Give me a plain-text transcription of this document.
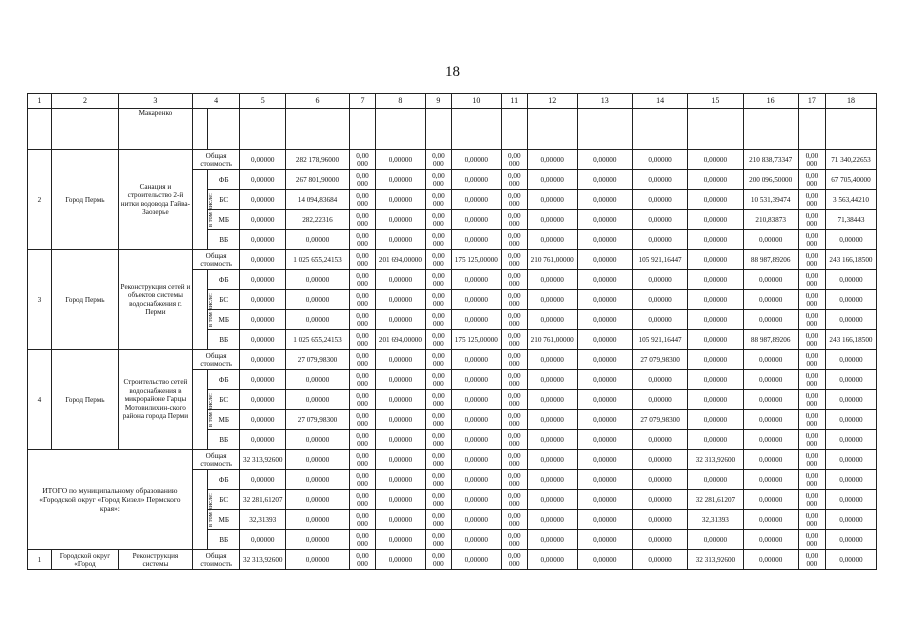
18
1	2	3	4		5	6	7	8	9	10	11	12	13	14	15	16	17	18
		Макаренко																
2	Город Пермь	Санация и строительство 2-й нитки водовода Гайва-Заозерье	Общая стоимость		0,00000	282 178,96000	0,00 000	0,00000	0,00 000	0,00000	0,00 000	0,00000	0,00000	0,00000	0,00000	210 838,73347	0,00 000	71 340,22653
			в том числе:	ФБ	0,00000	267 801,90000	0,00 000	0,00000	0,00 000	0,00000	0,00 000	0,00000	0,00000	0,00000	0,00000	200 096,50000	0,00 000	67 705,40000
				БС	0,00000	14 094,83684	0,00 000	0,00000	0,00 000	0,00000	0,00 000	0,00000	0,00000	0,00000	0,00000	10 531,39474	0,00 000	3 563,44210
				МБ	0,00000	282,22316	0,00 000	0,00000	0,00 000	0,00000	0,00 000	0,00000	0,00000	0,00000	0,00000	210,83873	0,00 000	71,38443
				ВБ	0,00000	0,00000	0,00 000	0,00000	0,00 000	0,00000	0,00 000	0,00000	0,00000	0,00000	0,00000	0,00000	0,00 000	0,00000
3	Город Пермь	Реконструкция сетей и объектов системы водоснабжения г. Перми	Общая стоимость		0,00000	1 025 655,24153	0,00 000	201 694,00000	0,00 000	175 125,00000	0,00 000	210 761,00000	0,00000	105 921,16447	0,00000	88 987,89206	0,00 000	243 166,18500
			в том числе:	ФБ	0,00000	0,00000	0,00 000	0,00000	0,00 000	0,00000	0,00 000	0,00000	0,00000	0,00000	0,00000	0,00000	0,00 000	0,00000
				БС	0,00000	0,00000	0,00 000	0,00000	0,00 000	0,00000	0,00 000	0,00000	0,00000	0,00000	0,00000	0,00000	0,00 000	0,00000
				МБ	0,00000	0,00000	0,00 000	0,00000	0,00 000	0,00000	0,00 000	0,00000	0,00000	0,00000	0,00000	0,00000	0,00 000	0,00000
				ВБ	0,00000	1 025 655,24153	0,00 000	201 694,00000	0,00 000	175 125,00000	0,00 000	210 761,00000	0,00000	105 921,16447	0,00000	88 987,89206	0,00 000	243 166,18500
4	Город Пермь	Строительство сетей водоснабжения в микрорайоне Гарцы Мотовилихин-ского района города Перми	Общая стоимость		0,00000	27 079,98300	0,00 000	0,00000	0,00 000	0,00000	0,00 000	0,00000	0,00000	27 079,98300	0,00000	0,00000	0,00 000	0,00000
			в том числе:	ФБ	0,00000	0,00000	0,00 000	0,00000	0,00 000	0,00000	0,00 000	0,00000	0,00000	0,00000	0,00000	0,00000	0,00 000	0,00000
				БС	0,00000	0,00000	0,00 000	0,00000	0,00 000	0,00000	0,00 000	0,00000	0,00000	0,00000	0,00000	0,00000	0,00 000	0,00000
				МБ	0,00000	27 079,98300	0,00 000	0,00000	0,00 000	0,00000	0,00 000	0,00000	0,00000	27 079,98300	0,00000	0,00000	0,00 000	0,00000
				ВБ	0,00000	0,00000	0,00 000	0,00000	0,00 000	0,00000	0,00 000	0,00000	0,00000	0,00000	0,00000	0,00000	0,00 000	0,00000
ИТОГО по муниципальному образованию «Городской округ «Город Кизел» Пермского края»:			Общая стоимость		32 313,92600	0,00000	0,00 000	0,00000	0,00 000	0,00000	0,00 000	0,00000	0,00000	0,00000	32 313,92600	0,00000	0,00 000	0,00000
			в том числе:	ФБ	0,00000	0,00000	0,00 000	0,00000	0,00 000	0,00000	0,00 000	0,00000	0,00000	0,00000	0,00000	0,00000	0,00 000	0,00000
				БС	32 281,61207	0,00000	0,00 000	0,00000	0,00 000	0,00000	0,00 000	0,00000	0,00000	0,00000	32 281,61207	0,00000	0,00 000	0,00000
				МБ	32,31393	0,00000	0,00 000	0,00000	0,00 000	0,00000	0,00 000	0,00000	0,00000	0,00000	32,31393	0,00000	0,00 000	0,00000
				ВБ	0,00000	0,00000	0,00 000	0,00000	0,00 000	0,00000	0,00 000	0,00000	0,00000	0,00000	0,00000	0,00000	0,00 000	0,00000
1	Городской округ «Город	Реконструкция системы	Общая стоимость		32 313,92600	0,00000	0,00 000	0,00000	0,00 000	0,00000	0,00 000	0,00000	0,00000	0,00000	32 313,92600	0,00000	0,00 000	0,00000
